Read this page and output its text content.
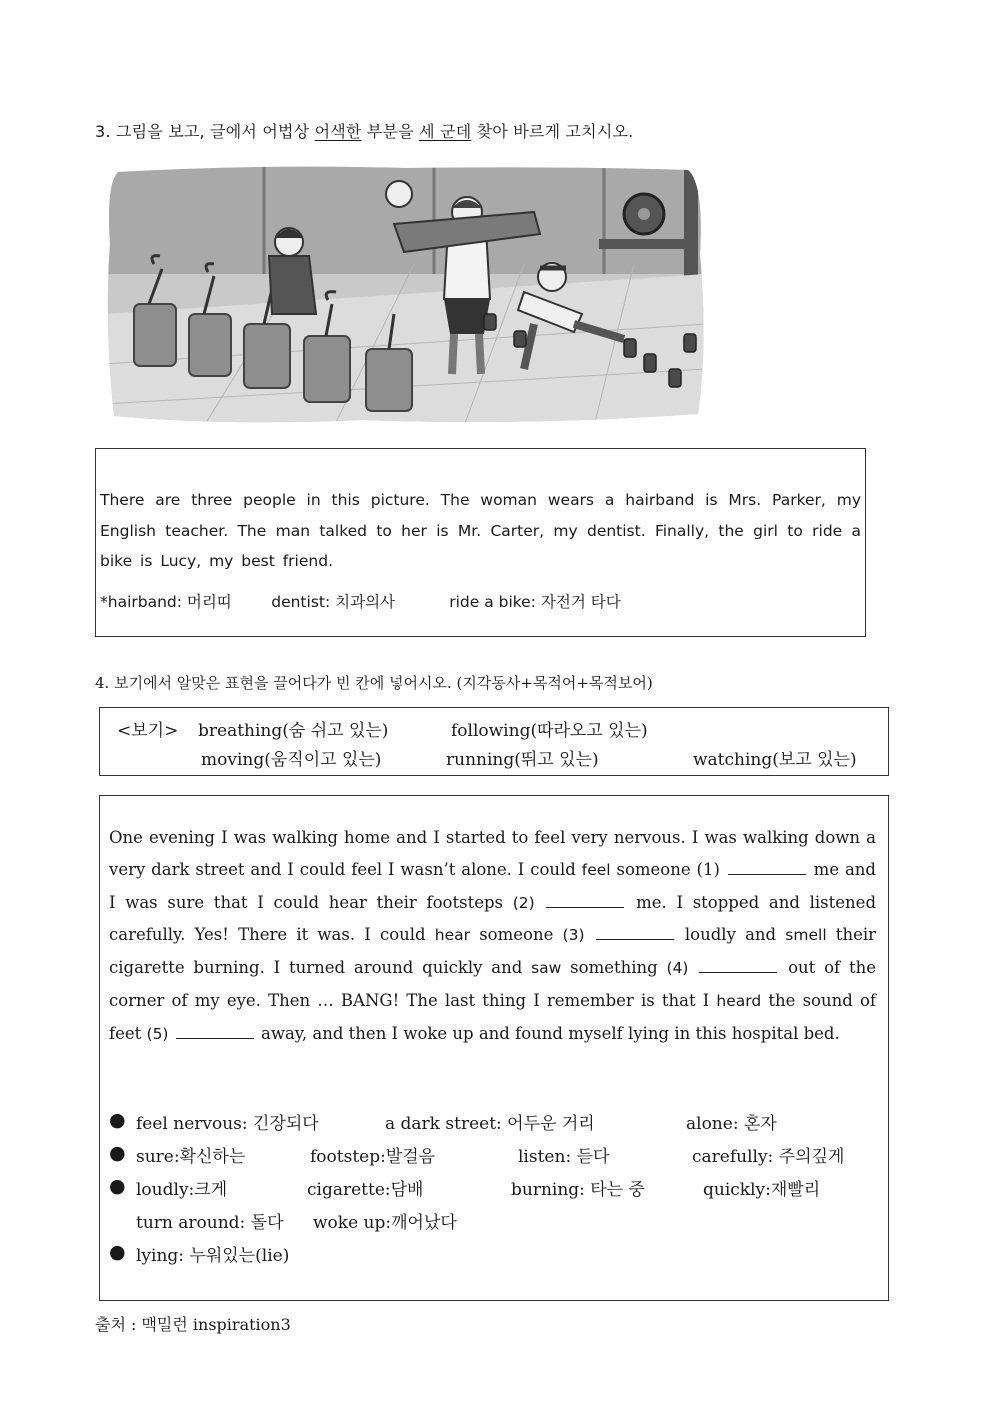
3. 그림을 보고, 글에서 어법상 어색한 부분을 세 군데 찾아 바르게 고치시오.
There are three people in this picture. The woman wears a hairband is Mrs. Parker, my English teacher. The man talked to her is Mr. Carter, my dentist. Finally, the girl to ride a bike is Lucy, my best friend.
*hairband: 머리띠        dentist: 치과의사           ride a bike: 자전거 타다
4. 보기에서 알맞은 표현을 끌어다가 빈 칸에 넣어시오. (지각동사+목적어+목적보어)
<보기> breathing(숨 쉬고 있는)	following(따라오고 있는)
moving(움직이고 있는)	running(뛰고 있는)	watching(보고 있는)
One evening I was walking home and I started to feel very nervous. I was walking down a very dark street and I could feel I wasn’t alone. I could feel someone (1)	me and I was sure that I could hear their footsteps (2)	me. I stopped and listened carefully. Yes! There it was. I could hear someone (3)	loudly and smell their cigarette burning. I turned around quickly and saw something (4)	out of the corner of my eye. Then … BANG! The last thing I remember is that I heard the sound of feet (5)	away, and then I woke up and found myself lying in this hospital bed.
● feel nervous: 긴장되다	a dark street: 어두운 거리	alone: 혼자
● sure:확신하는	footstep:발걸음	listen: 듣다	carefully: 주의깊게
● loudly:크게	cigarette:담배	burning: 타는 중	quickly:재빨리
turn around: 돌다 woke up:깨어났다
● lying: 누워있는(lie)
출처 : 맥밀런 inspiration3
